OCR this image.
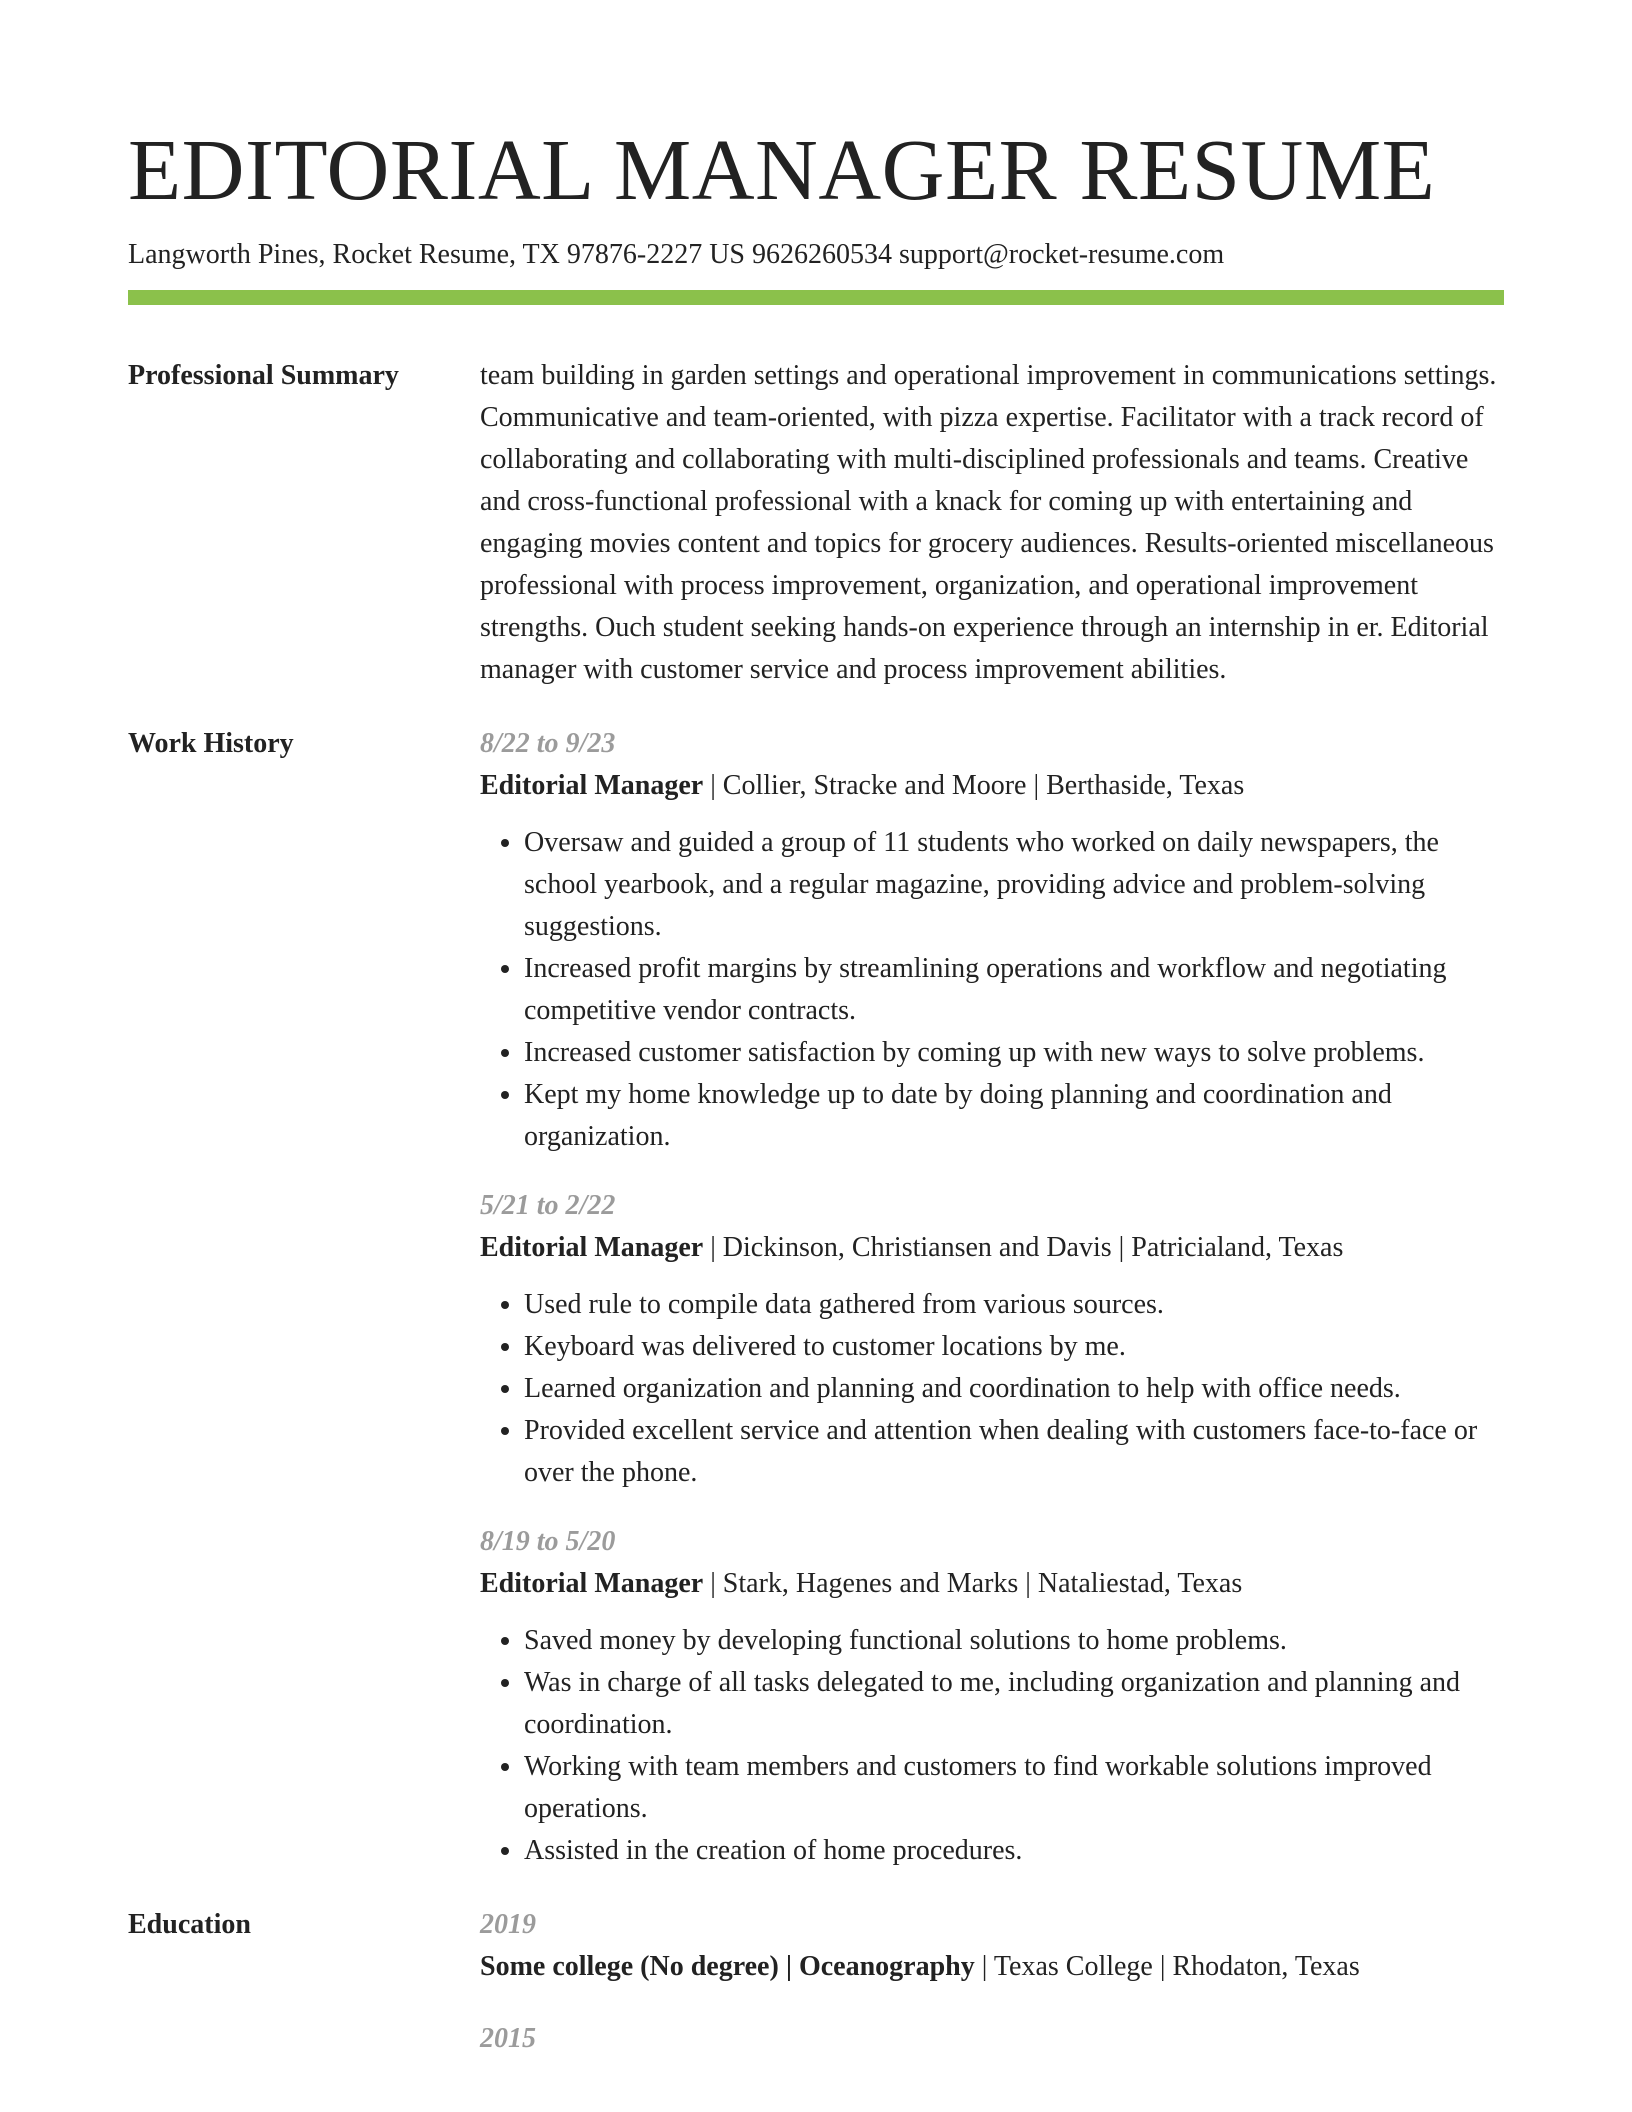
EDITORIAL MANAGER RESUME
Langworth Pines, Rocket Resume, TX 97876-2227 US 9626260534 support@rocket-resume.com
Professional Summary	team building in garden settings and operational improvement in communications settings. Communicative and team-oriented, with pizza expertise. Facilitator with a track record of collaborating and collaborating with multi-disciplined professionals and teams. Creative and cross-functional professional with a knack for coming up with entertaining and engaging movies content and topics for grocery audiences. Results-oriented miscellaneous professional with process improvement, organization, and operational improvement strengths. Ouch student seeking hands-on experience through an internship in er. Editorial manager with customer service and process improvement abilities.

Work History	8/22 to 9/23

Editorial Manager | Collier, Stracke and Moore | Berthaside, Texas

• Oversaw and guided a group of 11 students who worked on daily newspapers, the school yearbook, and a regular magazine, providing advice and problem-solving suggestions.
• Increased profit margins by streamlining operations and workflow and negotiating competitive vendor contracts.
• Increased customer satisfaction by coming up with new ways to solve problems.
• Kept my home knowledge up to date by doing planning and coordination and organization.
5/21 to 2/22

Editorial Manager | Dickinson, Christiansen and Davis | Patricialand, Texas

• Used rule to compile data gathered from various sources.
• Keyboard was delivered to customer locations by me.
• Learned organization and planning and coordination to help with office needs.
• Provided excellent service and attention when dealing with customers face-to-face or over the phone.
8/19 to 5/20

Editorial Manager | Stark, Hagenes and Marks | Nataliestad, Texas

• Saved money by developing functional solutions to home problems.
• Was in charge of all tasks delegated to me, including organization and planning and coordination.
• Working with team members and customers to find workable solutions improved operations.
• Assisted in the creation of home procedures.
Education	2019

Some college (No degree) | Oceanography | Texas College | Rhodaton, Texas

2015
